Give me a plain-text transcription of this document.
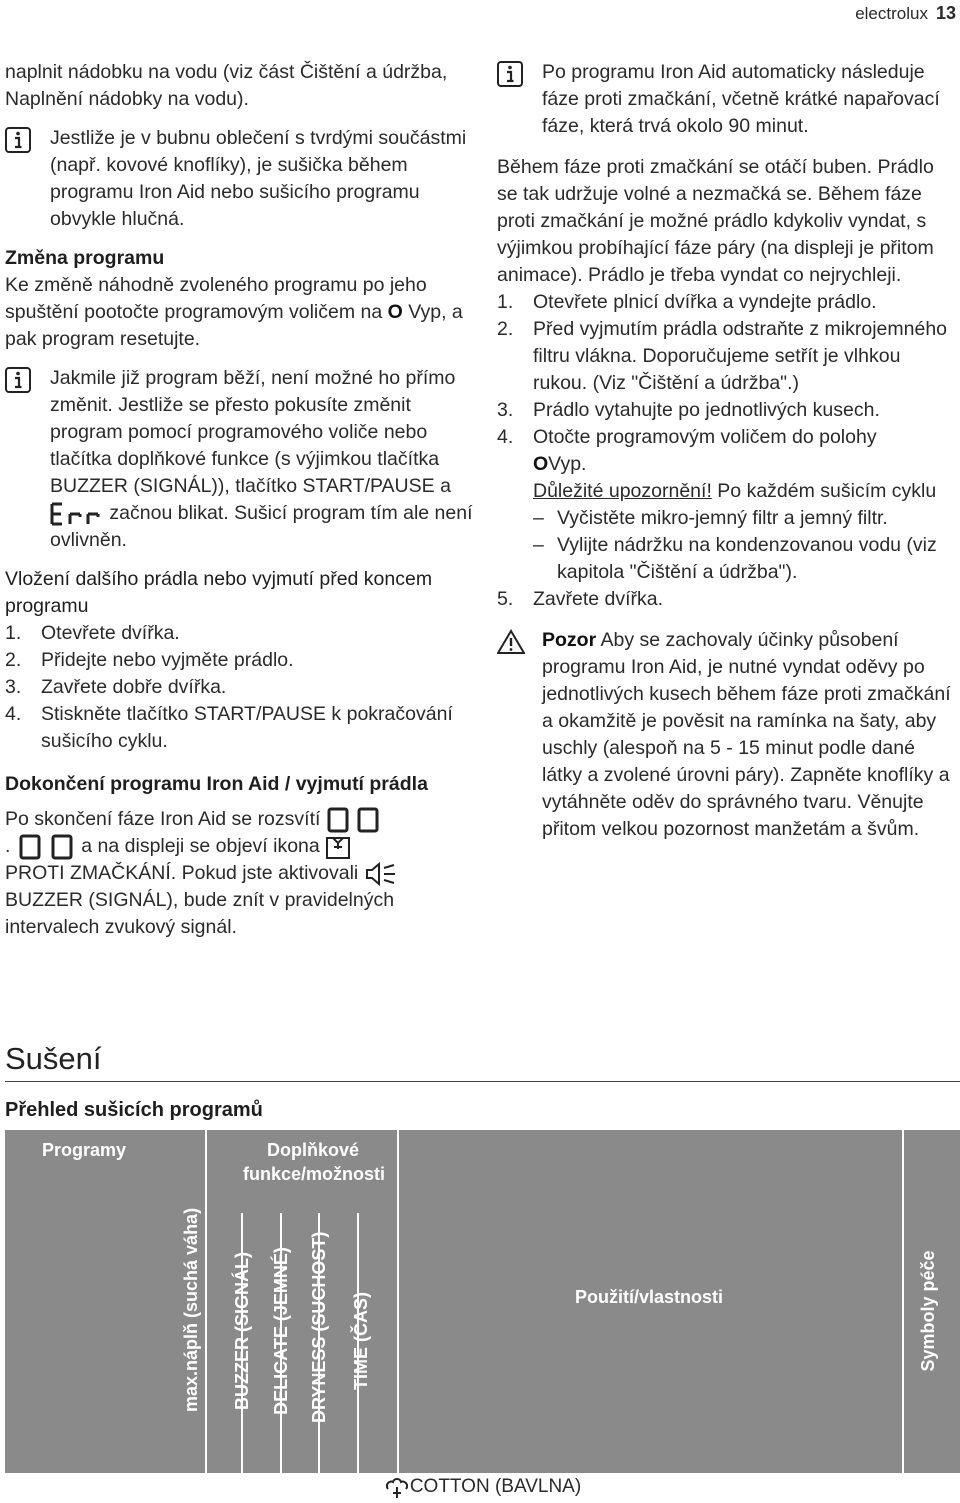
electrolux 13

naplnit nádobku na vodu (viz část Čištění a údržba, Naplnění nádobky na vodu).

Jestliže je v bubnu oblečení s tvrdými součástmi (např. kovové knoflíky), je sušička během programu Iron Aid nebo sušicího programu obvykle hlučná.

Změna programu

Ke změně náhodně zvoleného programu po jeho spuštění pootočte programovým voličem na O Vyp, a pak program resetujte.

Jakmile již program běží, není možné ho přímo změnit. Jestliže se přesto pokusíte změnit program pomocí programového voliče nebo tlačítka doplňkové funkce (s výjimkou tlačítka BUZZER (SIGNÁL)), tlačítko START/PAUSE a  začnou blikat. Sušicí program tím ale není ovlivněn.

Vložení dalšího prádla nebo vyjmutí před koncem programu

1. Otevřete dvířka.
2. Přidejte nebo vyjměte prádlo.
3. Zavřete dobře dvířka.
4. Stiskněte tlačítko START/PAUSE k pokračování sušicího cyklu.

Dokončení programu Iron Aid / vyjmutí prádla

Po skončení fáze Iron Aid se rozsvítí
.	a na displeji se objeví ikona
PROTI ZMAČKÁNÍ. Pokud jste aktivovali
BUZZER (SIGNÁL), bude znít v pravidelných intervalech zvukový signál.

Po programu Iron Aid automaticky následuje fáze proti zmačkání, včetně krátké napařovací fáze, která trvá okolo 90 minut.

Během fáze proti zmačkání se otáčí buben. Prádlo se tak udržuje volné a nezmačká se. Během fáze proti zmačkání je možné prádlo kdykoliv vyndat, s výjimkou probíhající fáze páry (na displeji je přitom animace). Prádlo je třeba vyndat co nejrychleji.

1. Otevřete plnicí dvířka a vyndejte prádlo.
2. Před vyjmutím prádla odstraňte z mikrojemného filtru vlákna. Doporučujeme setřít je vlhkou rukou. (Viz "Čištění a údržba".)
3. Prádlo vytahujte po jednotlivých kusech.
4. Otočte programovým voličem do polohy
OVyp.
Důležité upozornění! Po každém sušicím cyklu
– Vyčistěte mikro-jemný filtr a jemný filtr.
– Vylijte nádržku na kondenzovanou vodu (viz kapitola "Čištění a údržba").
5. Zavřete dvířka.

Pozor Aby se zachovaly účinky působení programu Iron Aid, je nutné vyndat oděvy po jednotlivých kusech během fáze proti zmačkání a okamžitě je pověsit na ramínka na šaty, aby uschly (alespoň na 5 - 15 minut podle dané látky a zvolené úrovni páry). Zapněte knoflíky a vytáhněte oděv do správného tvaru. Věnujte přitom velkou pozornost manžetám a švům.

Sušení
Přehled sušicích programů
Programy	Doplňkové funkce/možnosti
max.náplň (suchá váha)	BUZZER (SIGNÁL) DELICATE (JEMNÉ) DRYNESS (SUCHOST) TIME (ČAS)	Použití/vlastnosti	Symboly péče
COTTON (BAVLNA)
